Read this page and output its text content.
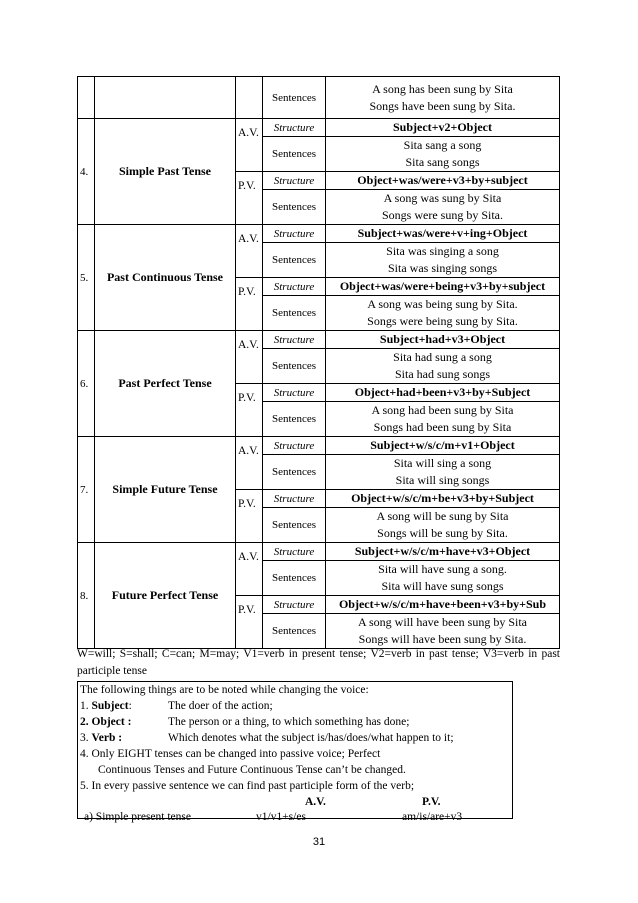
			Sentences	A song has been sung by Sita
Songs have been sung by Sita.

4.	Simple Past Tense	A.V.	Structure	Subject+v2+Object
			Sentences	Sita sang a song
Sita sang songs

		P.V.	Structure	Object+was/were+v3+by+subject
			Sentences	A song was sung by Sita
Songs were sung by Sita.

5.	Past Continuous Tense	A.V.	Structure	Subject+was/were+v+ing+Object
			Sentences	Sita was singing a song
Sita was singing songs

		P.V.	Structure	Object+was/were+being+v3+by+subject
			Sentences	A song was being sung by Sita.
Songs were being sung by Sita.

6.	Past Perfect Tense	A.V.	Structure	Subject+had+v3+Object
			Sentences	Sita had sung a song
Sita had sung songs

		P.V.	Structure	Object+had+been+v3+by+Subject
			Sentences	A song had been sung by Sita
Songs had been sung by Sita

7.	Simple Future Tense	A.V.	Structure	Subject+w/s/c/m+v1+Object
			Sentences	Sita will sing a song
Sita will sing songs

		P.V.	Structure	Object+w/s/c/m+be+v3+by+Subject
			Sentences	A song will be sung by Sita
Songs will be sung by Sita.

8.	Future Perfect Tense	A.V.	Structure	Subject+w/s/c/m+have+v3+Object
			Sentences	Sita will have sung a song.
Sita will have sung songs

		P.V.	Structure	Object+w/s/c/m+have+been+v3+by+Sub
			Sentences	A song will have been sung by Sita
Songs will have been sung by Sita.
W=will; S=shall; C=can; M=may; V1=verb in present tense; V2=verb in past tense; V3=verb in past participle tense
The following things are to be noted while changing the voice:
1. Subject:	The doer of the action;
2. Object :	The person or a thing, to which something has done;
3. Verb :	Which denotes what the subject is/has/does/what happen to it;
4. Only EIGHT tenses can be changed into passive voice; Perfect
Continuous Tenses and Future Continuous Tense can’t be changed.
5. In every passive sentence we can find past participle form of the verb;
A.V.	P.V.
a) Simple present tense	v1/v1+s/es	am/is/are+v3
31
